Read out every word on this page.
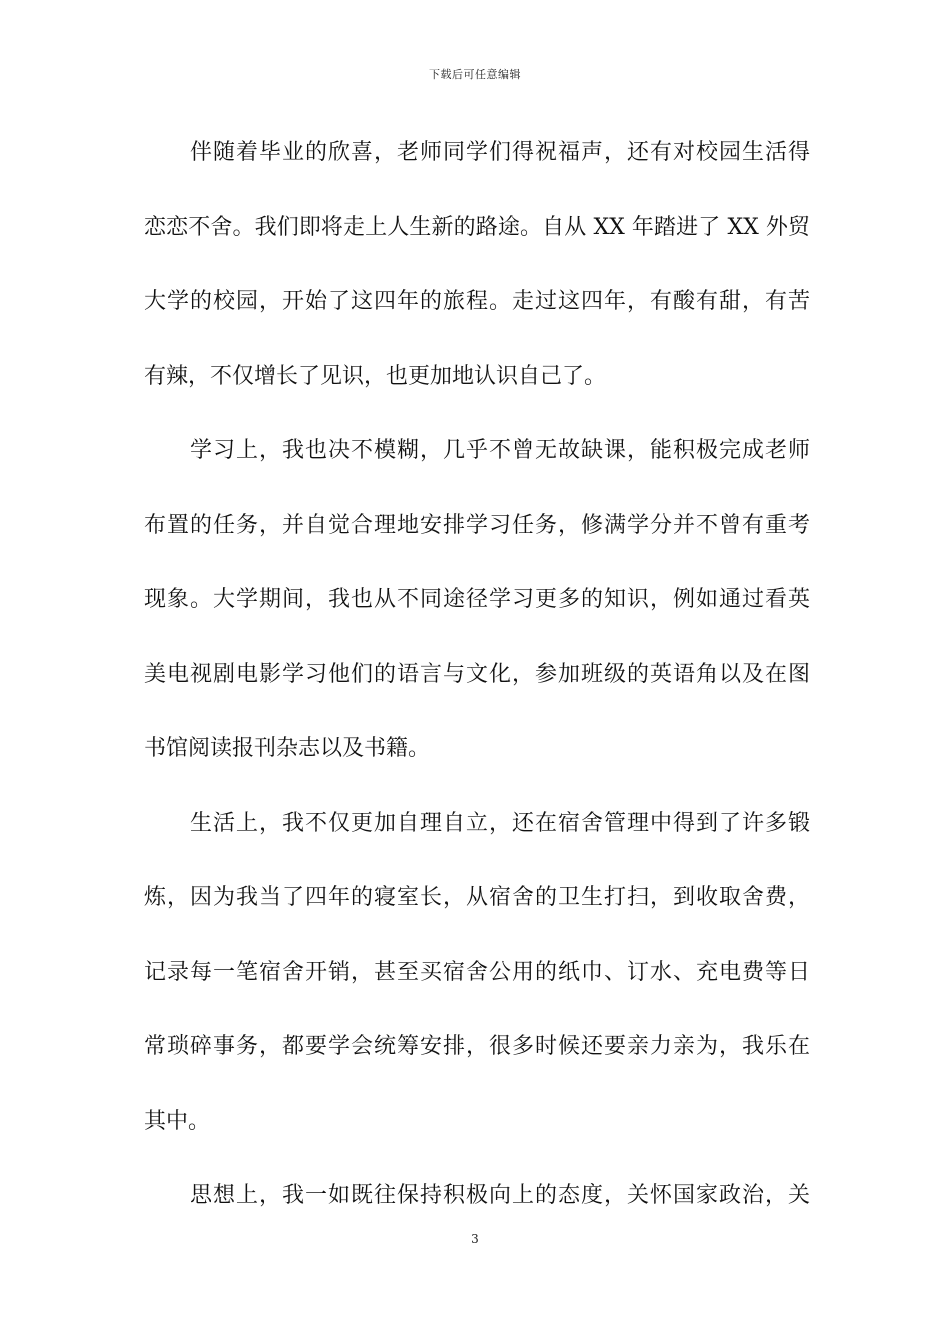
下载后可任意编辑
伴随着毕业的欣喜，老师同学们得祝福声，还有对校园生活得
恋恋不舍。我们即将走上人生新的路途。自从 XX 年踏进了 XX 外贸
大学的校园，开始了这四年的旅程。走过这四年，有酸有甜，有苦
有辣，不仅增长了见识，也更加地认识自己了。
学习上，我也决不模糊，几乎不曾无故缺课，能积极完成老师
布置的任务，并自觉合理地安排学习任务，修满学分并不曾有重考
现象。大学期间，我也从不同途径学习更多的知识，例如通过看英
美电视剧电影学习他们的语言与文化，参加班级的英语角以及在图
书馆阅读报刊杂志以及书籍。
生活上，我不仅更加自理自立，还在宿舍管理中得到了许多锻
炼，因为我当了四年的寝室长，从宿舍的卫生打扫，到收取舍费，
记录每一笔宿舍开销，甚至买宿舍公用的纸巾、订水、充电费等日
常琐碎事务，都要学会统筹安排，很多时候还要亲力亲为，我乐在
其中。
思想上，我一如既往保持积极向上的态度，关怀国家政治，关
3
